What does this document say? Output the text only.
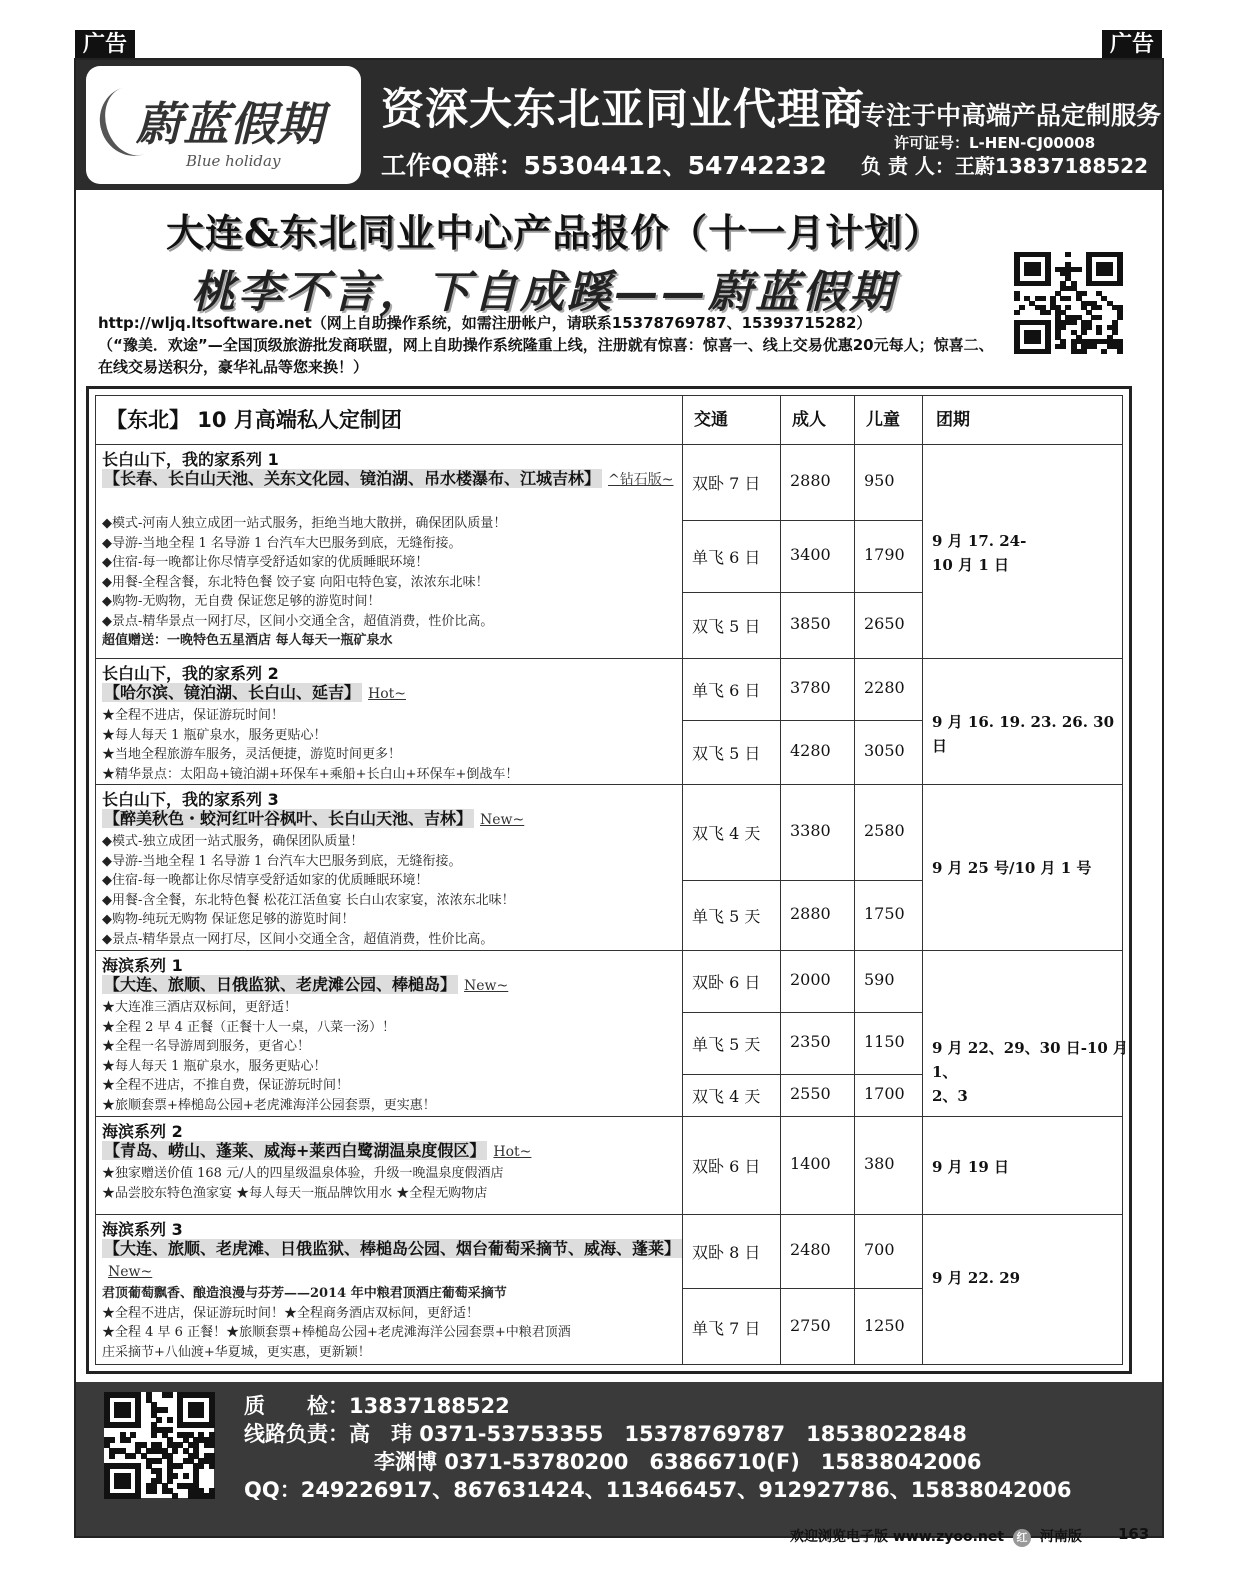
广告	广告
蔚蓝假期
Blue holiday
资深大东北亚同业代理商
工作QQ群：55304412、54742232
专注于中高端产品定制服务
许可证号：L-HEN-CJ00008
负 责 人：王蔚13837188522
大连&东北同业中心产品报价（十一月计划）
桃李不言，下自成蹊——蔚蓝假期
http://wljq.ltsoftware.net（网上自助操作系统，如需注册帐户，请联系15378769787、15393715282）
（“豫美．欢途”—全国顶级旅游批发商联盟，网上自助操作系统隆重上线，注册就有惊喜：惊喜一、线上交易优惠20元每人；惊喜二、在线交易送积分，豪华礼品等您来换！）
【东北】 10 月高端私人定制团	交通	成人 儿童 团期
长白山下，我的家系列 1
【长春、长白山天池、关东文化园、镜泊湖、吊水楼瀑布、江城吉林】 ^钻石版~
◆模式-河南人独立成团一站式服务，拒绝当地大散拼，确保团队质量！
◆导游-当地全程 1 名导游 1 台汽车大巴服务到底，无缝衔接。
◆住宿-每一晚都让你尽情享受舒适如家的优质睡眠环境！
◆用餐-全程含餐，东北特色餐 饺子宴 向阳屯特色宴，浓浓东北味！
◆购物-无购物，无自费 保证您足够的游览时间！
◆景点-精华景点一网打尽，区间小交通全含，超值消费，性价比高。
超值赠送：一晚特色五星酒店 每人每天一瓶矿泉水
双卧 7 日 2880 950
单飞 6 日 3400 1790
双飞 5 日 3850 2650
9 月 17. 24-
10 月 1 日
长白山下，我的家系列 2
【哈尔滨、镜泊湖、长白山、延吉】 Hot~
★全程不进店，保证游玩时间！
★每人每天 1 瓶矿泉水，服务更贴心！
★当地全程旅游车服务，灵活便捷，游览时间更多！
★精华景点：太阳岛+镜泊湖+环保车+乘船+长白山+环保车+倒战车！
单飞 6 日 3780 2280
双飞 5 日 4280 3050
9 月 16. 19. 23. 26. 30 日
长白山下，我的家系列 3
【醉美秋色・蛟河红叶谷枫叶、长白山天池、吉林】 New~
◆模式-独立成团一站式服务，确保团队质量！
◆导游-当地全程 1 名导游 1 台汽车大巴服务到底，无缝衔接。
◆住宿-每一晚都让你尽情享受舒适如家的优质睡眠环境！
◆用餐-含全餐，东北特色餐 松花江活鱼宴 长白山农家宴，浓浓东北味！
◆购物-纯玩无购物 保证您足够的游览时间！
◆景点-精华景点一网打尽，区间小交通全含，超值消费，性价比高。
双飞 4 天 3380 2580
单飞 5 天 2880 1750
9 月 25 号/10 月 1 号
海滨系列 1
【大连、旅顺、日俄监狱、老虎滩公园、棒槌岛】 New~
★大连准三酒店双标间，更舒适！
★全程 2 早 4 正餐（正餐十人一桌，八菜一汤）！
★全程一名导游周到服务，更省心！
★每人每天 1 瓶矿泉水，服务更贴心！
★全程不进店，不推自费，保证游玩时间！
★旅顺套票+棒槌岛公园+老虎滩海洋公园套票，更实惠！
双卧 6 日 2000 590
单飞 5 天 2350 1150
双飞 4 天 2550 1700
9 月 22、29、30 日-10 月 1、
2、3
海滨系列 2
【青岛、崂山、蓬莱、威海+莱西白鹭湖温泉度假区】 Hot~
★独家赠送价值 168 元/人的四星级温泉体验，升级一晚温泉度假酒店
★品尝胶东特色渔家宴 ★每人每天一瓶品牌饮用水 ★全程无购物店
双卧 6 日 1400 380 9 月 19 日
海滨系列 3
【大连、旅顺、老虎滩、日俄监狱、棒槌岛公园、烟台葡萄采摘节、威海、蓬莱】New~
君顶葡萄飘香、酿造浪漫与芬芳——2014 年中粮君顶酒庄葡萄采摘节
★全程不进店，保证游玩时间！★全程商务酒店双标间，更舒适！
★全程 4 早 6 正餐！★旅顺套票+棒槌岛公园+老虎滩海洋公园套票+中粮君顶酒
庄采摘节+八仙渡+华夏城，更实惠，更新颖！
双卧 8 日 2480 700
单飞 7 日 2750 1250
9 月 22. 29
质　　检：13837188522
线路负责：高　玮 0371-53753355　15378769787　18538022848
李渊博 0371-53780200　63866710(F)　15838042006
QQ：249226917、867631424、113466457、912927786、15838042006
欢迎浏览电子版 www.zyoo.net 红 河南版 163
